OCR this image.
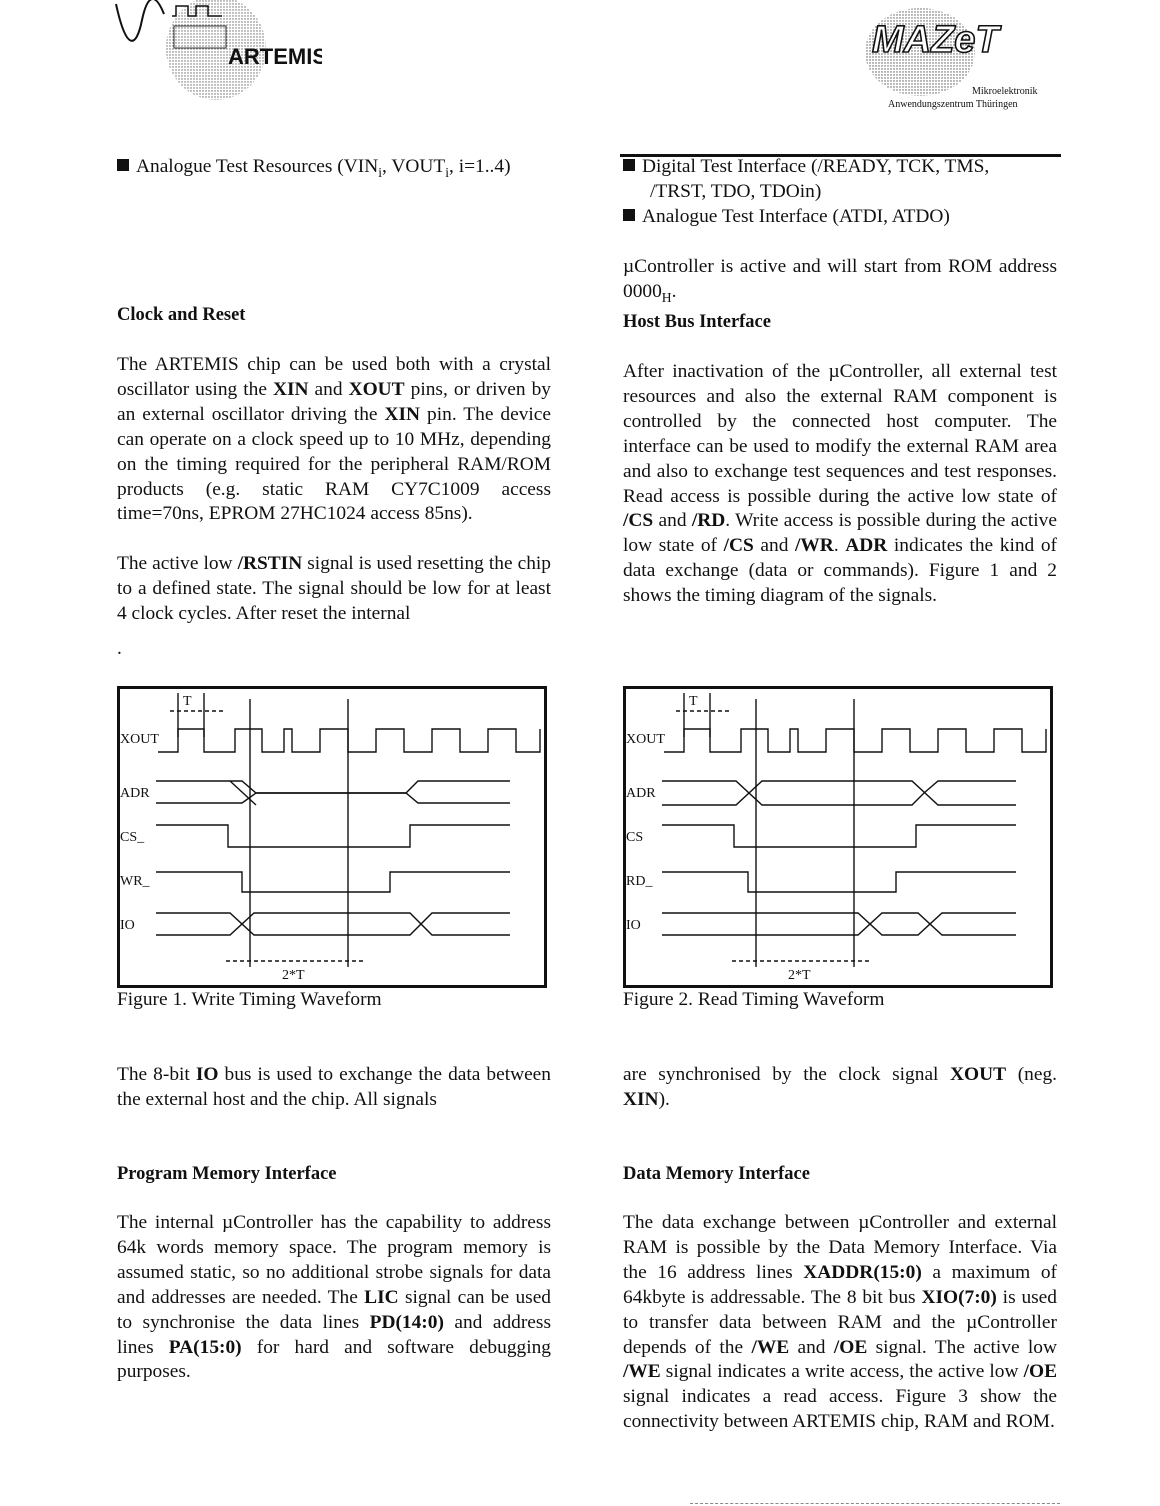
ARTEMIS	MAZeT
Mikroelektronik
Anwendungszentrum Thüringen

Analogue Test Resources ($VIN_i$, $VOUT_i$, i=1..4)

Clock and Reset

The ARTEMIS chip can be used both with a crystal oscillator using the XIN and XOUT pins, or driven by an external oscillator driving the XIN pin. The device can operate on a clock speed up to 10 MHz, depending on the timing required for the peripheral RAM/ROM products (e.g. static RAM CY7C1009 access time=70ns, EPROM 27HC1024 access 85ns).

The active low /RSTIN signal is used resetting the chip to a defined state. The signal should be low for at least 4 clock cycles. After reset the internal

.

T
XOUT
ADR
CS_
WR_
IO
2*T
Figure 1. Write Timing Waveform

The 8-bit IO bus is used to exchange the data between the external host and the chip. All signals

Program Memory Interface

The internal µController has the capability to address 64k words memory space. The program memory is assumed static, so no additional strobe signals for data and addresses are needed. The LIC signal can be used to synchronise the data lines PD(14:0) and address lines PA(15:0) for hard and software debugging purposes.

Digital Test Interface (/READY, TCK, TMS,

/TRST, TDO, TDOin)

Analogue Test Interface (ATDI, ATDO)

µController is active and will start from ROM address $0000_H$.

Host Bus Interface

After inactivation of the µController, all external test resources and also the external RAM component is controlled by the connected host computer. The interface can be used to modify the external RAM area and also to exchange test sequences and test responses. Read access is possible during the active low state of /CS and /RD. Write access is possible during the active low state of /CS and /WR. ADR indicates the kind of data exchange (data or commands). Figure 1 and 2 shows the timing diagram of the signals.

T
XOUT
ADR
CS
RD_
IO
2*T
Figure 2. Read Timing Waveform

are synchronised by the clock signal XOUT (neg. XIN).

Data Memory Interface

The data exchange between µController and external RAM is possible by the Data Memory Interface. Via the 16 address lines XADDR(15:0) a maximum of 64kbyte is addressable. The 8 bit bus XIO(7:0) is used to transfer data between RAM and the µController depends of the /WE and /OE signal. The active low /WE signal indicates a write access, the active low /OE signal indicates a read access. Figure 3 show the connectivity between ARTEMIS chip, RAM and ROM.
